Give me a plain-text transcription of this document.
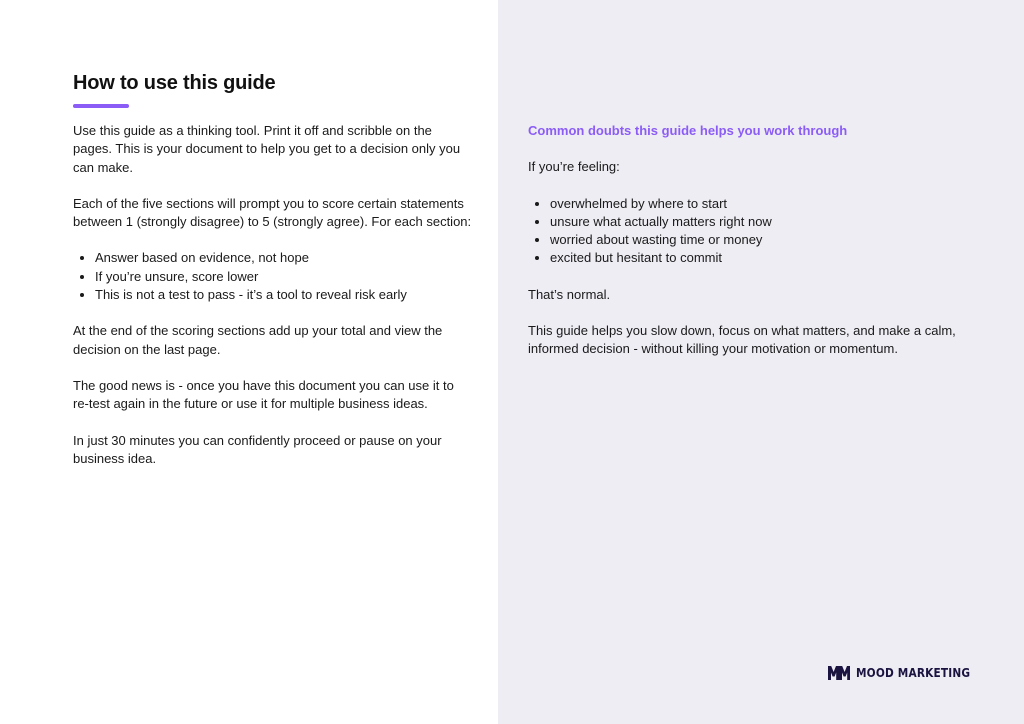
How to use this guide

Use this guide as a thinking tool. Print it off and scribble on the pages. This is your document to help you get to a decision only you can make.

Each of the five sections will prompt you to score certain statements between 1 (strongly disagree) to 5 (strongly agree). For each section:

• Answer based on evidence, not hope
• If you’re unsure, score lower
• This is not a test to pass - it’s a tool to reveal risk early

At the end of the scoring sections add up your total and view the decision on the last page.

The good news is - once you have this document you can use it to re-test again in the future or use it for multiple business ideas.

In just 30 minutes you can confidently proceed or pause on your business idea.

Common doubts this guide helps you work through

If you’re feeling:

• overwhelmed by where to start
• unsure what actually matters right now
• worried about wasting time or money
• excited but hesitant to commit

That’s normal.

This guide helps you slow down, focus on what matters, and make a calm, informed decision - without killing your motivation or momentum.

MOOD MARKETING
